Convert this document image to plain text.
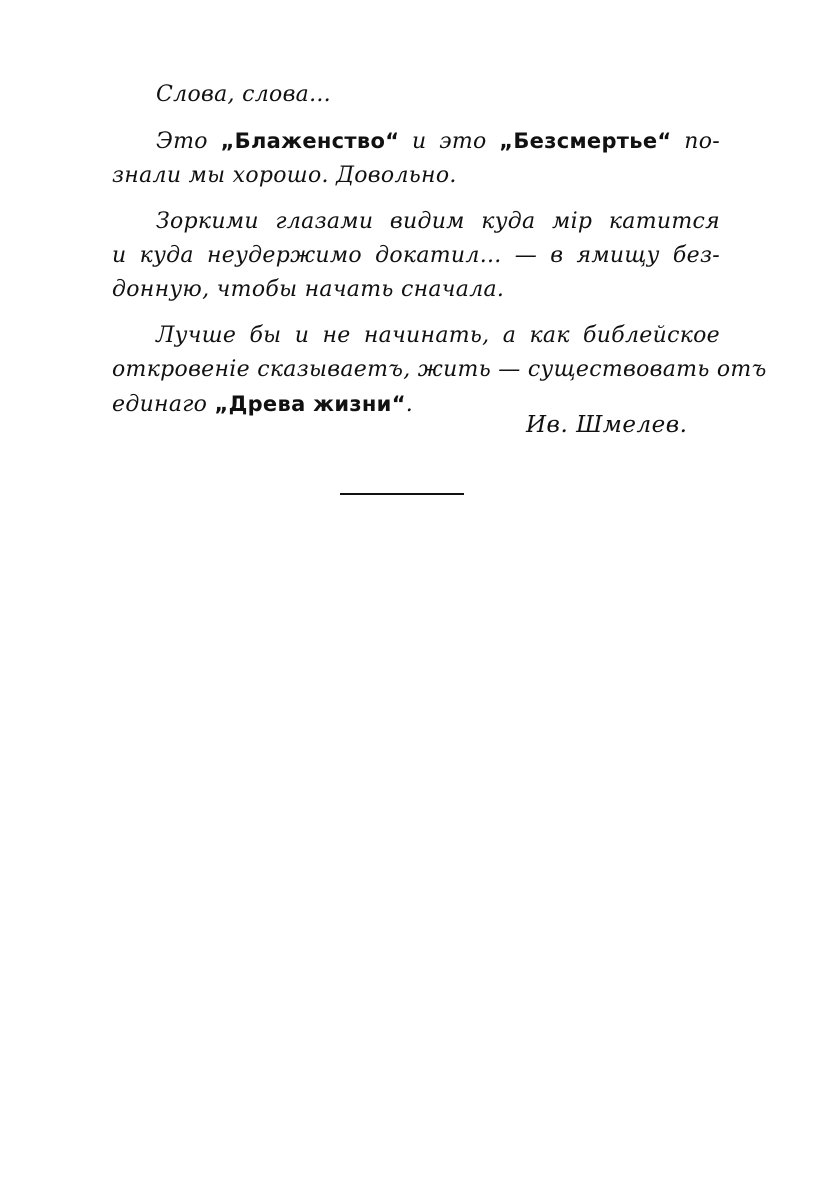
Слова, слова...
Это „Блаженство“ и это „Безсмертье“ по-
знали мы хорошо. Довольно.
Зоркими глазами видим куда мiр катится
и куда неудержимо докатил... — в ямищу без-
донную, чтобы начать сначала.
Лучше бы и не начинать, а как библейское
откровенiе сказываетъ, жить — существовать отъ
единаго „Древа жизни“.
Ив. Шмелев.
